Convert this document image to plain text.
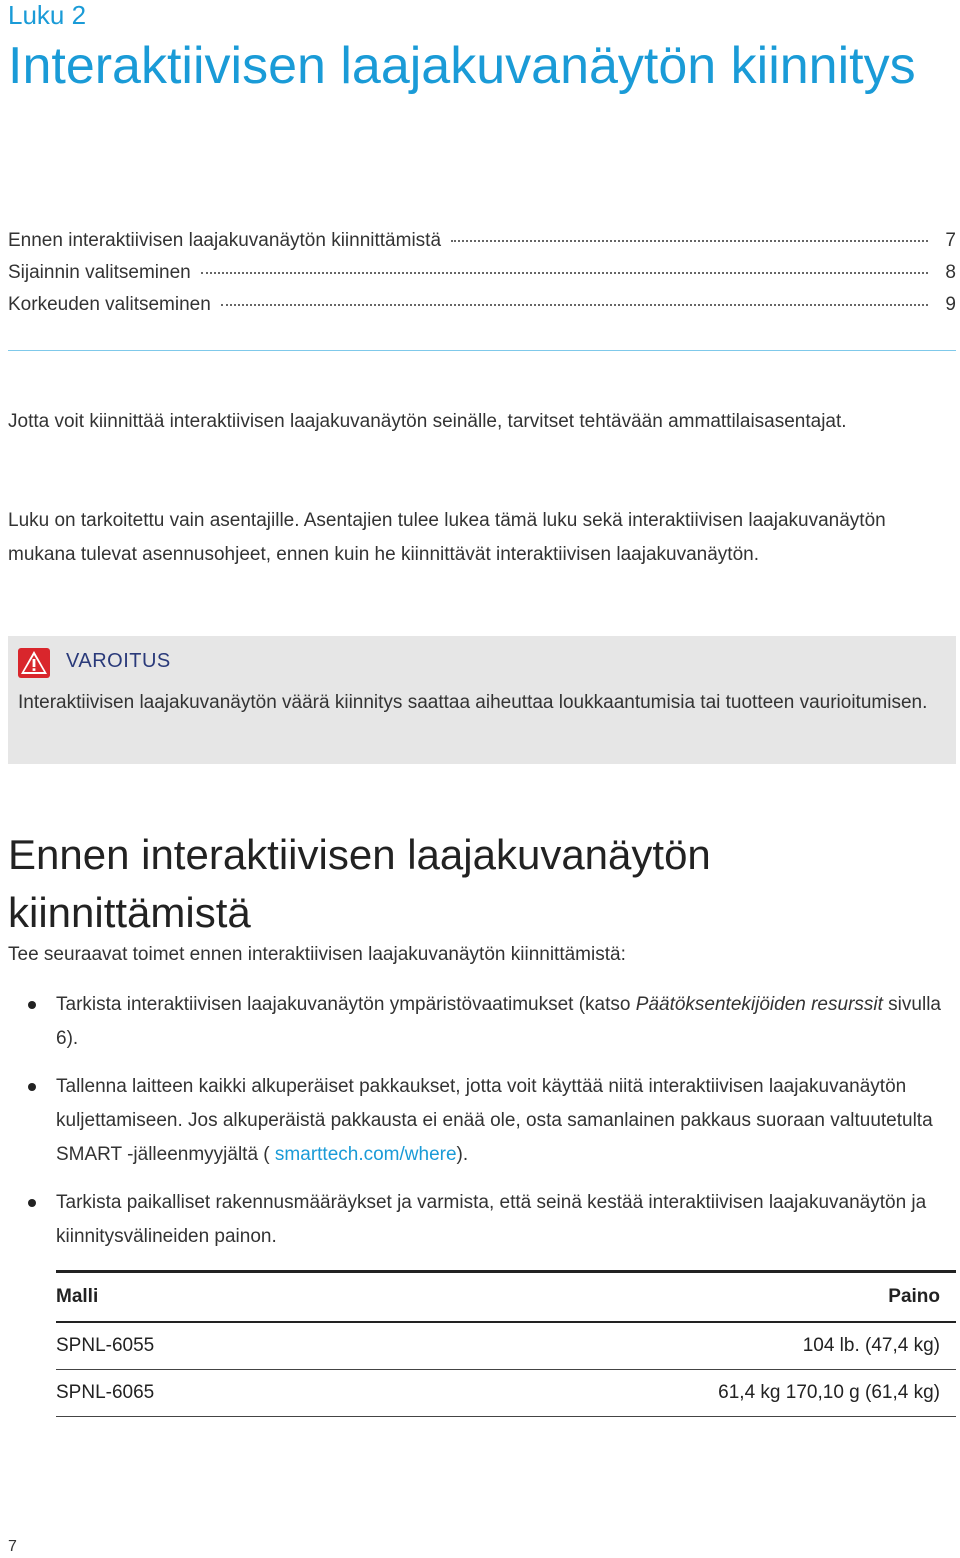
Luku 2
Interaktiivisen laajakuvanäytön kiinnitys
Ennen interaktiivisen laajakuvanäytön kiinnittämistä	7
Sijainnin valitseminen	8
Korkeuden valitseminen	9
Jotta voit kiinnittää interaktiivisen laajakuvanäytön seinälle, tarvitset tehtävään ammattilaisasentajat.
Luku on tarkoitettu vain asentajille. Asentajien tulee lukea tämä luku sekä interaktiivisen laajakuvanäytön mukana tulevat asennusohjeet, ennen kuin he kiinnittävät interaktiivisen laajakuvanäytön.
VAROITUS
Interaktiivisen laajakuvanäytön väärä kiinnitys saattaa aiheuttaa loukkaantumisia tai tuotteen vaurioitumisen.
Ennen interaktiivisen laajakuvanäytön kiinnittämistä
Tee seuraavat toimet ennen interaktiivisen laajakuvanäytön kiinnittämistä:
Tarkista interaktiivisen laajakuvanäytön ympäristövaatimukset (katso Päätöksentekijöiden resurssit sivulla 6).
Tallenna laitteen kaikki alkuperäiset pakkaukset, jotta voit käyttää niitä interaktiivisen laajakuvanäytön kuljettamiseen. Jos alkuperäistä pakkausta ei enää ole, osta samanlainen pakkaus suoraan valtuutetulta SMART -jälleenmyyjältä ( smarttech.com/where).
Tarkista paikalliset rakennusmääräykset ja varmista, että seinä kestää interaktiivisen laajakuvanäytön ja kiinnitysvälineiden painon.
Malli	Paino
SPNL-6055	104 lb. (47,4 kg)
SPNL-6065	61,4 kg 170,10 g (61,4 kg)
7
